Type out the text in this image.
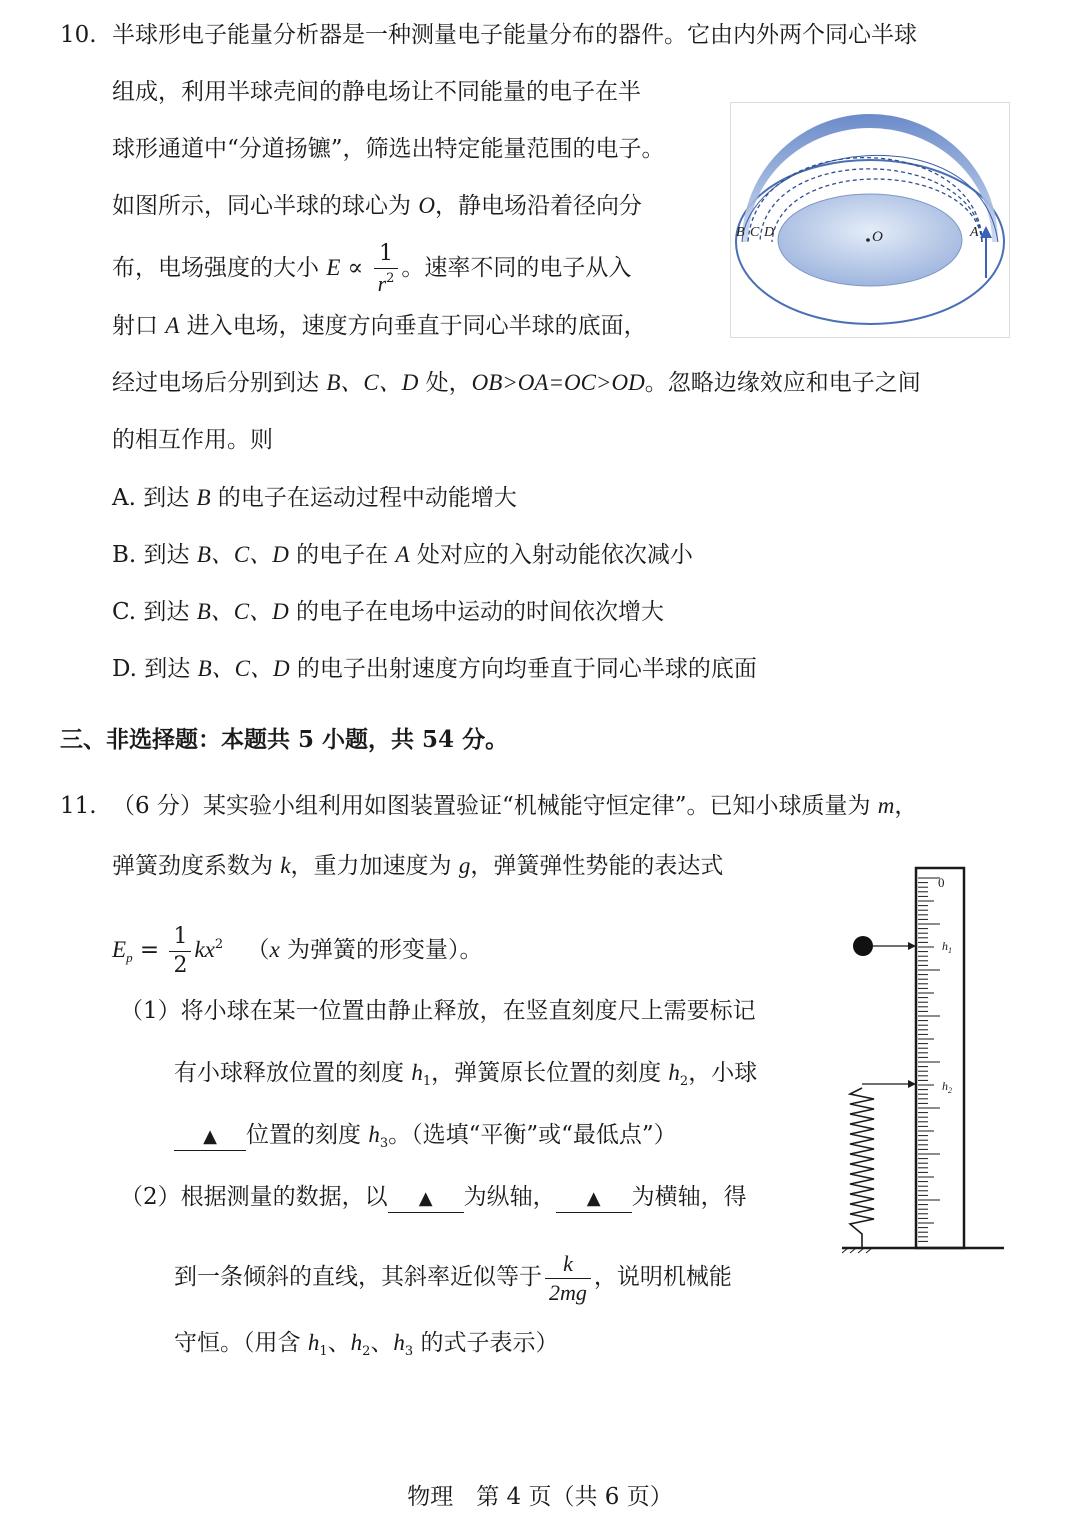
10. 半球形电子能量分析器是一种测量电子能量分布的器件。它由内外两个同心半球
组成，利用半球壳间的静电场让不同能量的电子在半
球形通道中“分道扬镳”，筛选出特定能量范围的电子。
如图所示，同心半球的球心为 O，静电场沿着径向分
布，电场强度的大小 $E \propto \frac{1}{r^2}$ 。速率不同的电子从入
射口 A 进入电场，速度方向垂直于同心半球的底面，
经过电场后分别到达 B、C、D 处，OB>OA=OC>OD。忽略边缘效应和电子之间
的相互作用。则
A. 到达 B 的电子在运动过程中动能增大
B. 到达 B、C、D 的电子在 A 处对应的入射动能依次减小
C. 到达 B、C、D 的电子在电场中运动的时间依次增大
D. 到达 B、C、D 的电子出射速度方向均垂直于同心半球的底面
O
B C D	A
三、非选择题：本题共 5 小题，共 54 分。
11. （6 分）某实验小组利用如图装置验证“机械能守恒定律”。已知小球质量为 m，
弹簧劲度系数为 k，重力加速度为 g，弹簧弹性势能的表达式
$E_p = \frac{1}{2} kx^2$ （x 为弹簧的形变量）。
（1）将小球在某一位置由静止释放，在竖直刻度尺上需要标记
有小球释放位置的刻度 $h_1$，弹簧原长位置的刻度 $h_2$，小球
▲ 位置的刻度 $h_3$。（选填“平衡”或“最低点”）
（2）根据测量的数据，以 ▲ 为纵轴， ▲ 为横轴，得
到一条倾斜的直线，其斜率近似等于 $\frac{k}{2mg}$ ，说明机械能
守恒。（用含 $h_1$、$h_2$、$h_3$ 的式子表示）
0
$h_1$
$h_2$
物理　第 4 页（共 6 页）
